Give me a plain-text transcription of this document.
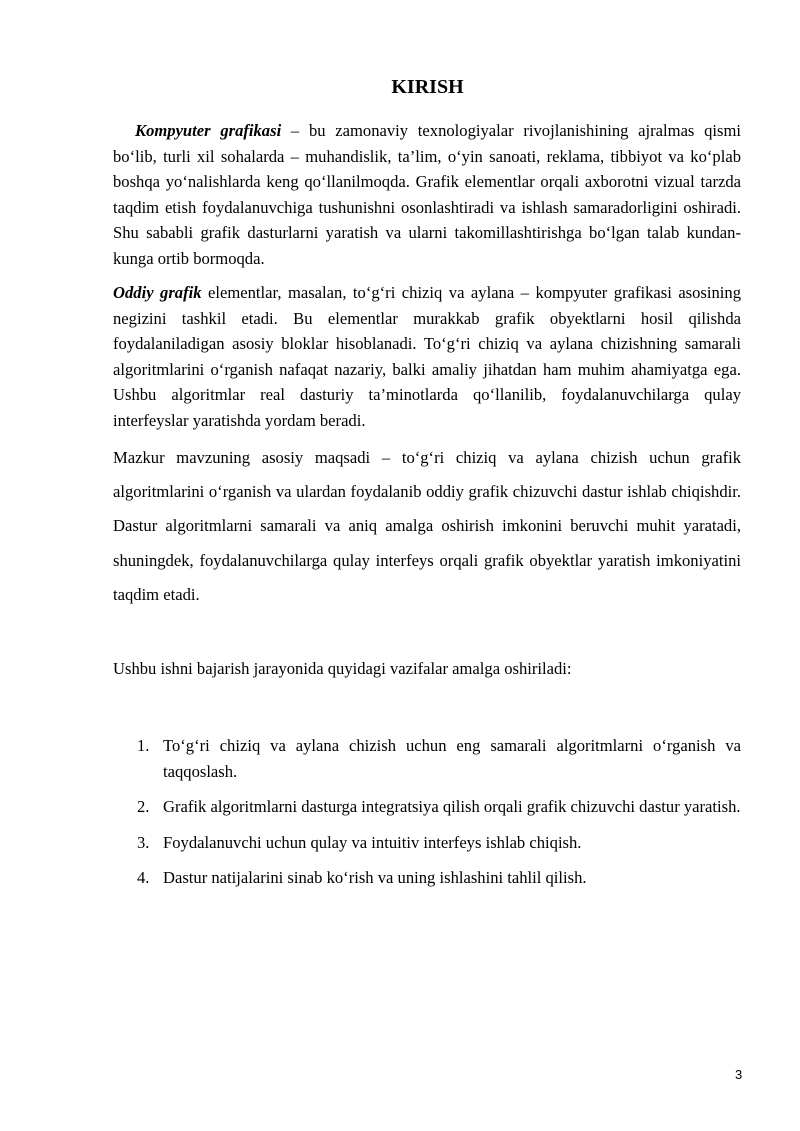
KIRISH

Kompyuter grafikasi – bu zamonaviy texnologiyalar rivojlanishining ajralmas qismi bo‘lib, turli xil sohalarda – muhandislik, ta’lim, o‘yin sanoati, reklama, tibbiyot va ko‘plab boshqa yo‘nalishlarda keng qo‘llanilmoqda. Grafik elementlar orqali axborotni vizual tarzda taqdim etish foydalanuvchiga tushunishni osonlashtiradi va ishlash samaradorligini oshiradi. Shu sababli grafik dasturlarni yaratish va ularni takomillashtirishga bo‘lgan talab kundan-kunga ortib bormoqda.

Oddiy grafik elementlar, masalan, to‘g‘ri chiziq va aylana – kompyuter grafikasi asosining negizini tashkil etadi. Bu elementlar murakkab grafik obyektlarni hosil qilishda foydalaniladigan asosiy bloklar hisoblanadi. To‘g‘ri chiziq va aylana chizishning samarali algoritmlarini o‘rganish nafaqat nazariy, balki amaliy jihatdan ham muhim ahamiyatga ega. Ushbu algoritmlar real dasturiy ta’minotlarda qo‘llanilib, foydalanuvchilarga qulay interfeyslar yaratishda yordam beradi.

Mazkur mavzuning asosiy maqsadi – to‘g‘ri chiziq va aylana chizish uchun grafik algoritmlarini o‘rganish va ulardan foydalanib oddiy grafik chizuvchi dastur ishlab chiqishdir. Dastur algoritmlarni samarali va aniq amalga oshirish imkonini beruvchi muhit yaratadi, shuningdek, foydalanuvchilarga qulay interfeys orqali grafik obyektlar yaratish imkoniyatini taqdim etadi.

Ushbu ishni bajarish jarayonida quyidagi vazifalar amalga oshiriladi:

1. To‘g‘ri chiziq va aylana chizish uchun eng samarali algoritmlarni o‘rganish va taqqoslash.
2. Grafik algoritmlarni dasturga integratsiya qilish orqali grafik chizuvchi dastur yaratish.
3. Foydalanuvchi uchun qulay va intuitiv interfeys ishlab chiqish.
4. Dastur natijalarini sinab ko‘rish va uning ishlashini tahlil qilish.

3
